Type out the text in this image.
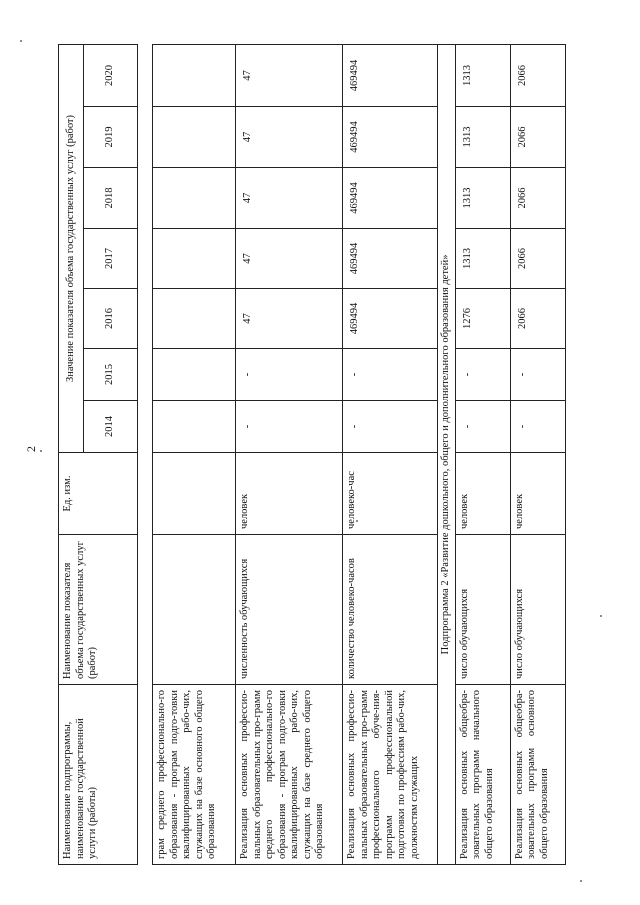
2
Наименование подпрограммы, наименование государственной услуги (работы)	Наименование показателя объема государственных услуг (работ)	Ед. изм.	Значение показателя объема государственных услуг (работ)						
			2014	2015	2016	2017	2018	2019	2020

грам среднего профессионально-го образования - програм подго-товки квалифицированных рабо-чих, служащих на базе основного общего образования									
Реализация основных профессио-нальных образовательных про-грамм среднего профессионально-го образования - програм подго-товки квалифицированных рабо-чих, служащих на базе среднего общего образования	численность обучающихся	человек	-	-	47	47	47	47	47
Реализация основных профессио-нальных образовательных про-грамм профессионального обуче-ния- программ профессиональной подготовки по профессиям рабо-чих, должностям служащих	количество человеко-часов	человеко-час	-	-	469494	469494	469494	469494	469494
Подпрограмма 2 «Развитие дошкольного, общего и дополнительного образования детей»									
Реализация основных общеобра-зовательных программ начального общего образования	число обучающихся	человек	-	-	1276	1313	1313	1313	1313
Реализация основных общеобра-зовательных программ основного общего образования	число обучающихся	человек	-	-	2066	2066	2066	2066	2066
